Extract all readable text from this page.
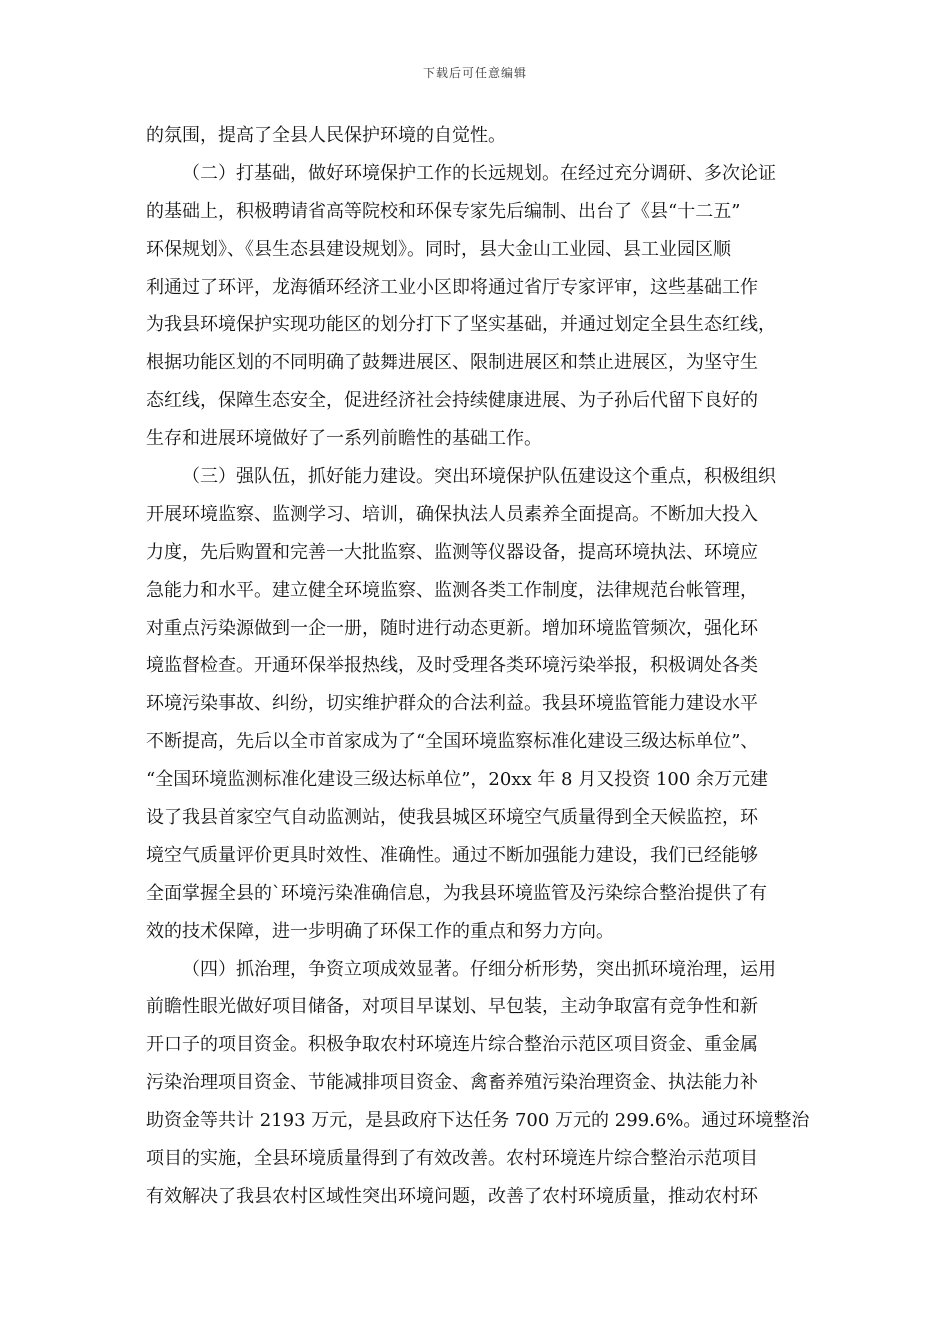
下载后可任意编辑
的氛围，提高了全县人民保护环境的自觉性。
（二）打基础，做好环境保护工作的长远规划。在经过充分调研、多次论证
的基础上，积极聘请省高等院校和环保专家先后编制、出台了《县“十二五”
环保规划》、《县生态县建设规划》。同时，县大金山工业园、县工业园区顺
利通过了环评，龙海循环经济工业小区即将通过省厅专家评审，这些基础工作
为我县环境保护实现功能区的划分打下了坚实基础，并通过划定全县生态红线，
根据功能区划的不同明确了鼓舞进展区、限制进展区和禁止进展区，为坚守生
态红线，保障生态安全，促进经济社会持续健康进展、为子孙后代留下良好的
生存和进展环境做好了一系列前瞻性的基础工作。
（三）强队伍，抓好能力建设。突出环境保护队伍建设这个重点，积极组织
开展环境监察、监测学习、培训，确保执法人员素养全面提高。不断加大投入
力度，先后购置和完善一大批监察、监测等仪器设备，提高环境执法、环境应
急能力和水平。建立健全环境监察、监测各类工作制度，法律规范台帐管理，
对重点污染源做到一企一册，随时进行动态更新。增加环境监管频次，强化环
境监督检查。开通环保举报热线，及时受理各类环境污染举报，积极调处各类
环境污染事故、纠纷，切实维护群众的合法利益。我县环境监管能力建设水平
不断提高，先后以全市首家成为了“全国环境监察标准化建设三级达标单位”、
“全国环境监测标准化建设三级达标单位”，20xx 年 8 月又投资 100 余万元建
设了我县首家空气自动监测站，使我县城区环境空气质量得到全天候监控，环
境空气质量评价更具时效性、准确性。通过不断加强能力建设，我们已经能够
全面掌握全县的`环境污染准确信息，为我县环境监管及污染综合整治提供了有
效的技术保障，进一步明确了环保工作的重点和努力方向。
（四）抓治理，争资立项成效显著。仔细分析形势，突出抓环境治理，运用
前瞻性眼光做好项目储备，对项目早谋划、早包装，主动争取富有竞争性和新
开口子的项目资金。积极争取农村环境连片综合整治示范区项目资金、重金属
污染治理项目资金、节能减排项目资金、禽畜养殖污染治理资金、执法能力补
助资金等共计 2193 万元，是县政府下达任务 700 万元的 299.6%。通过环境整治
项目的实施，全县环境质量得到了有效改善。农村环境连片综合整治示范项目
有效解决了我县农村区域性突出环境问题，改善了农村环境质量，推动农村环
